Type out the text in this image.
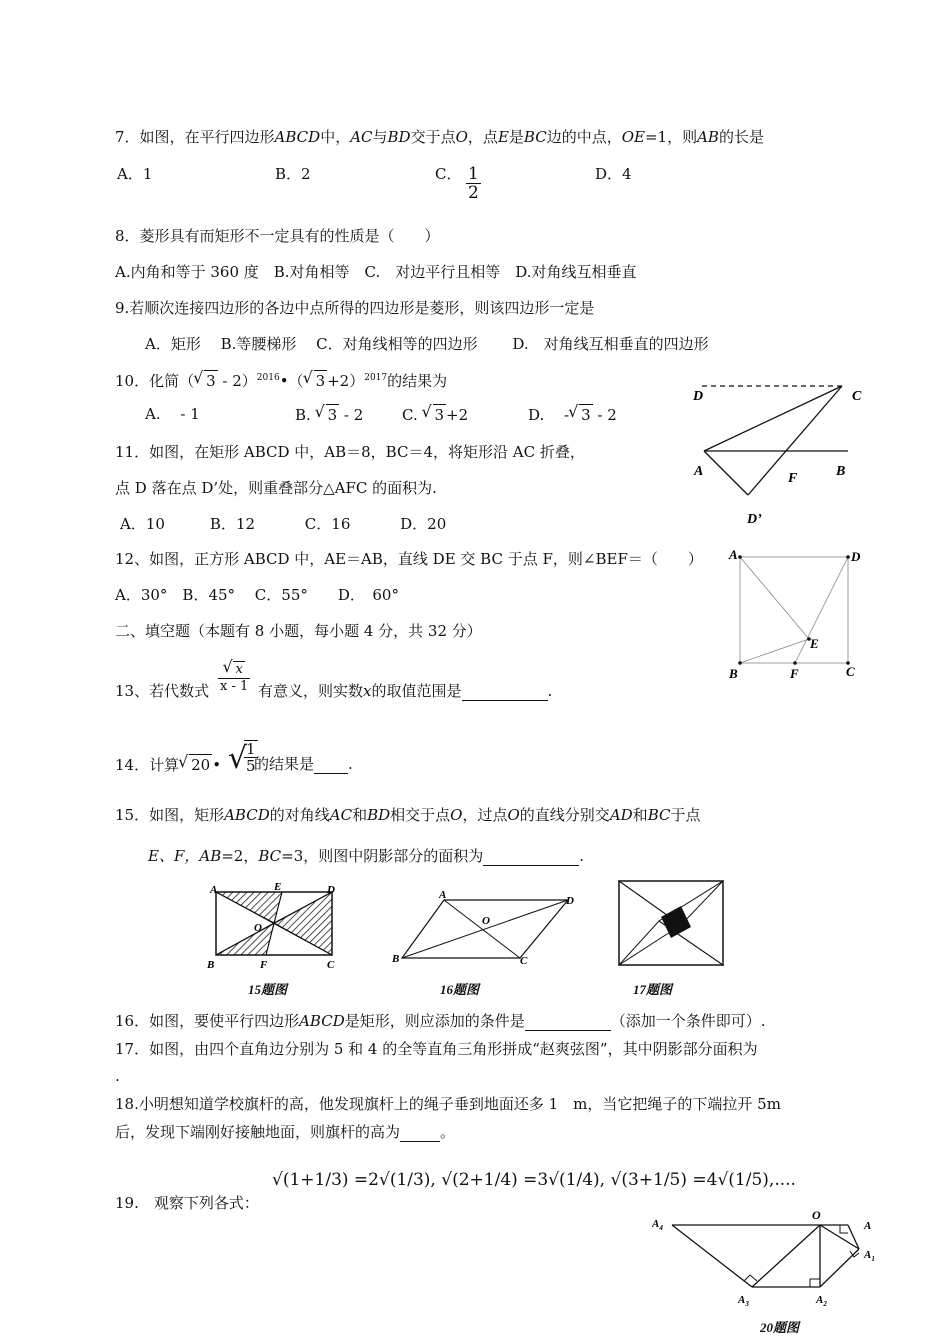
7．如图，在平行四边形ABCD中，AC与BD交于点O，点E是BC边的中点，OE=1，则AB的长是
A．1	B．2	C． $\frac{1}{2}$	D．4
8．菱形具有而矩形不一定具有的性质是（　　）
A.内角和等于 360 度　B.对角相等　C.　对边平行且相等　D.对角线互相垂直
9.若顺次连接四边形的各边中点所得的四边形是菱形，则该四边形一定是
A．矩形　 B.等腰梯形　 C．对角线相等的四边形　　 D.　对角线互相垂直的四边形
10．化简（ √ 3 - 2）$^{2016}$•（ √ 3 +2）$^{2017}$的结果为
A.　 - 1	B. √ 3 - 2	C. √ 3 +2	D.　 - √ 3 - 2
11．如图，在矩形 ABCD 中，AB＝8，BC＝4，将矩形沿 AC 折叠，
点 D 落在点 D’处，则重叠部分△AFC 的面积为.
A．10　　　B．12　　　 C．16　　　 D．20
12、如图，正方形 ABCD 中，AE＝AB，直线 DE 交 BC 于点 F，则∠BEF＝（　　）
A．30°　B．45°　 C．55°　　D．　60°
二、填空题（本题有 8 小题，每小题 4 分，共 32 分）
13、若代数式 √ $\frac{x}{x - 1}$ 有意义，则实数x的取值范围是	.
14．计算 √ 20 • √
$\frac{1}{5}$
的结果是 .
15．如图，矩形ABCD的对角线AC和BD相交于点O，过点O的直线分别交AD和BC于点
E、F，AB=2，BC=3，则图中阴影部分的面积为	.
A	E	D
O
B	F	C
15题图
A	D
O
B	C
16题图	17题图
16．如图，要使平行四边形ABCD是矩形，则应添加的条件是	（添加一个条件即可）.
17．如图，由四个直角边分别为 5 和 4 的全等直角三角形拼成“赵爽弦图”，其中阴影部分面积为
.
18.小明想知道学校旗杆的高，他发现旗杆上的绳子垂到地面还多 1　m，当它把绳子的下端拉开 5m
后，发现下端刚好接触地面，则旗杆的高为	。
19.　观察下列各式：
√(1+1/3) =2√(1/3), √(2+1/4) =3√(1/4), √(3+1/5) =4√(1/5),....
D	C
A	F	B
D’
A	D
E
B	F	C
$A_4$
O
A
$A_1$
$A_3$	$A_2$
20题图
